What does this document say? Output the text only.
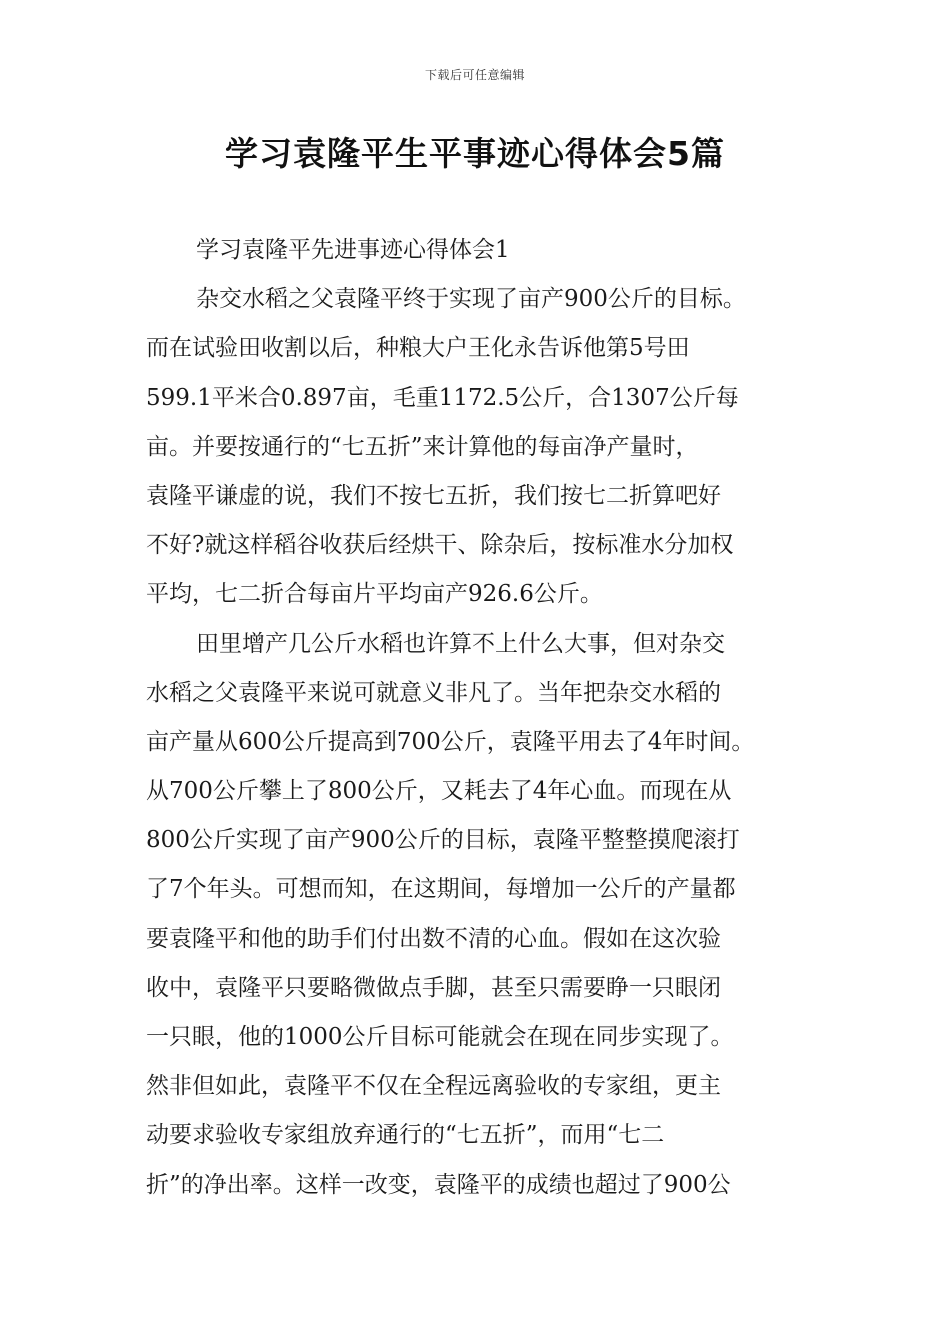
下载后可任意编辑
学习袁隆平生平事迹心得体会5篇
学习袁隆平先进事迹心得体会1
杂交水稻之父袁隆平终于实现了亩产900公斤的目标。
而在试验田收割以后，种粮大户王化永告诉他第5号田
599.1平米合0.897亩，毛重1172.5公斤，合1307公斤每
亩。并要按通行的“七五折”来计算他的每亩净产量时，
袁隆平谦虚的说，我们不按七五折，我们按七二折算吧好
不好?就这样稻谷收获后经烘干、除杂后，按标准水分加权
平均，七二折合每亩片平均亩产926.6公斤。
田里增产几公斤水稻也许算不上什么大事，但对杂交
水稻之父袁隆平来说可就意义非凡了。当年把杂交水稻的
亩产量从600公斤提高到700公斤，袁隆平用去了4年时间。
从700公斤攀上了800公斤，又耗去了4年心血。而现在从
800公斤实现了亩产900公斤的目标，袁隆平整整摸爬滚打
了7个年头。可想而知，在这期间，每增加一公斤的产量都
要袁隆平和他的助手们付出数不清的心血。假如在这次验
收中，袁隆平只要略微做点手脚，甚至只需要睁一只眼闭
一只眼，他的1000公斤目标可能就会在现在同步实现了。
然非但如此，袁隆平不仅在全程远离验收的专家组，更主
动要求验收专家组放弃通行的“七五折”，而用“七二
折”的净出率。这样一改变，袁隆平的成绩也超过了900公
